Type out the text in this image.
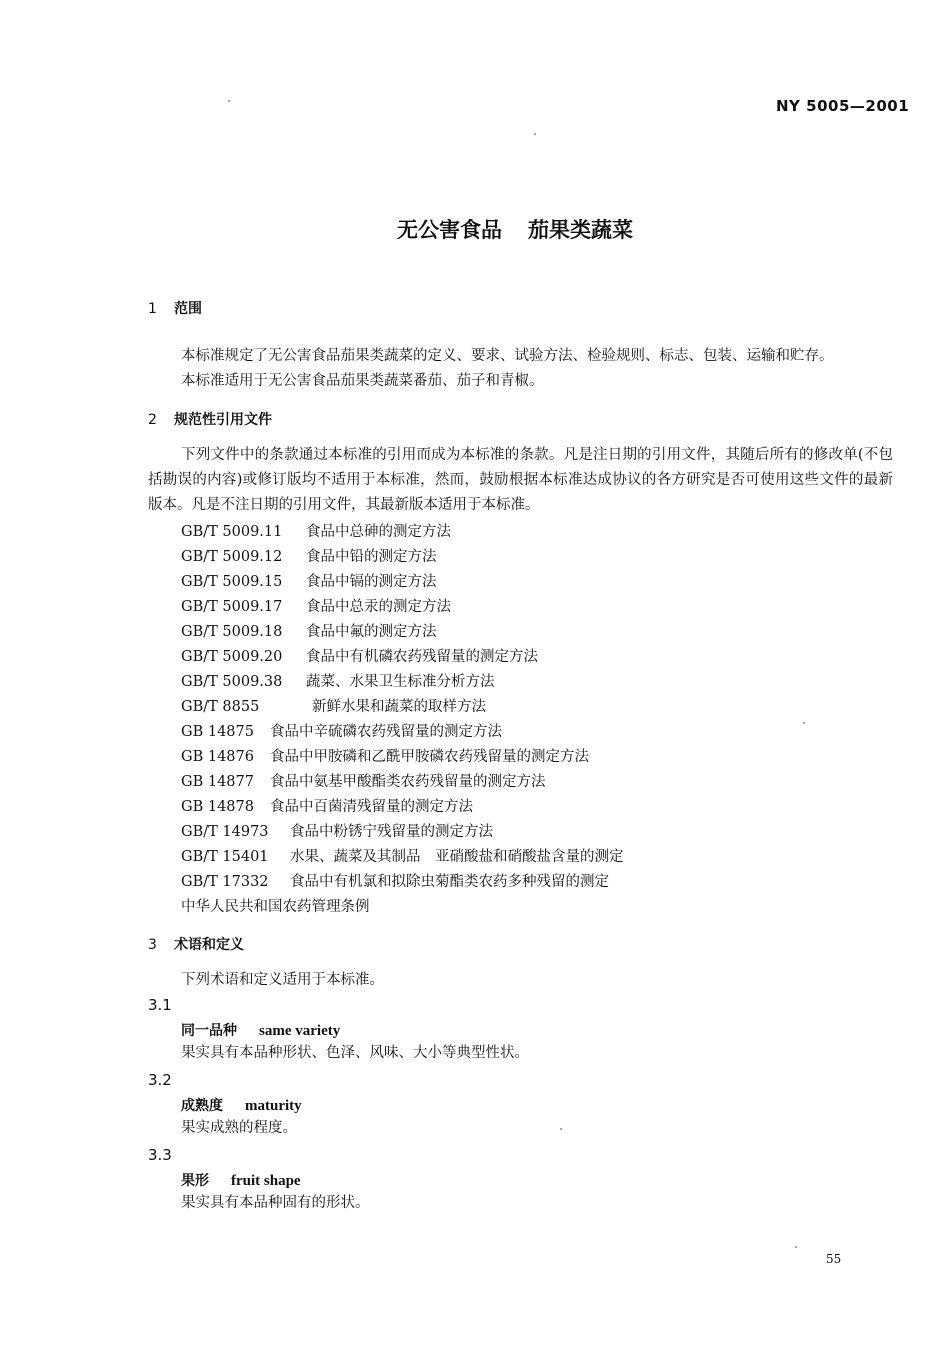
NY 5005—2001
无公害食品 茄果类蔬菜
1 范围
本标准规定了无公害食品茄果类蔬菜的定义、要求、试验方法、检验规则、标志、包装、运输和贮存。
本标准适用于无公害食品茄果类蔬菜番茄、茄子和青椒。
2 规范性引用文件
下列文件中的条款通过本标准的引用而成为本标准的条款。凡是注日期的引用文件，其随后所有的修改单(不包括勘误的内容)或修订版均不适用于本标准，然而，鼓励根据本标准达成协议的各方研究是否可使用这些文件的最新版本。凡是不注日期的引用文件，其最新版本适用于本标准。
GB/T 5009.11 食品中总砷的测定方法
GB/T 5009.12 食品中铅的测定方法
GB/T 5009.15 食品中镉的测定方法
GB/T 5009.17 食品中总汞的测定方法
GB/T 5009.18 食品中氟的测定方法
GB/T 5009.20 食品中有机磷农药残留量的测定方法
GB/T 5009.38 蔬菜、水果卫生标准分析方法
GB/T 8855	新鲜水果和蔬菜的取样方法
GB 14875 食品中辛硫磷农药残留量的测定方法
GB 14876 食品中甲胺磷和乙酰甲胺磷农药残留量的测定方法
GB 14877 食品中氨基甲酸酯类农药残留量的测定方法
GB 14878 食品中百菌清残留量的测定方法
GB/T 14973 食品中粉锈宁残留量的测定方法
GB/T 15401 水果、蔬菜及其制品　亚硝酸盐和硝酸盐含量的测定
GB/T 17332 食品中有机氯和拟除虫菊酯类农药多种残留的测定
中华人民共和国农药管理条例
3 术语和定义
下列术语和定义适用于本标准。
3.1
同一品种 same variety
果实具有本品种形状、色泽、风味、大小等典型性状。
3.2
成熟度 maturity
果实成熟的程度。
3.3
果形 fruit shape
果实具有本品种固有的形状。
55
